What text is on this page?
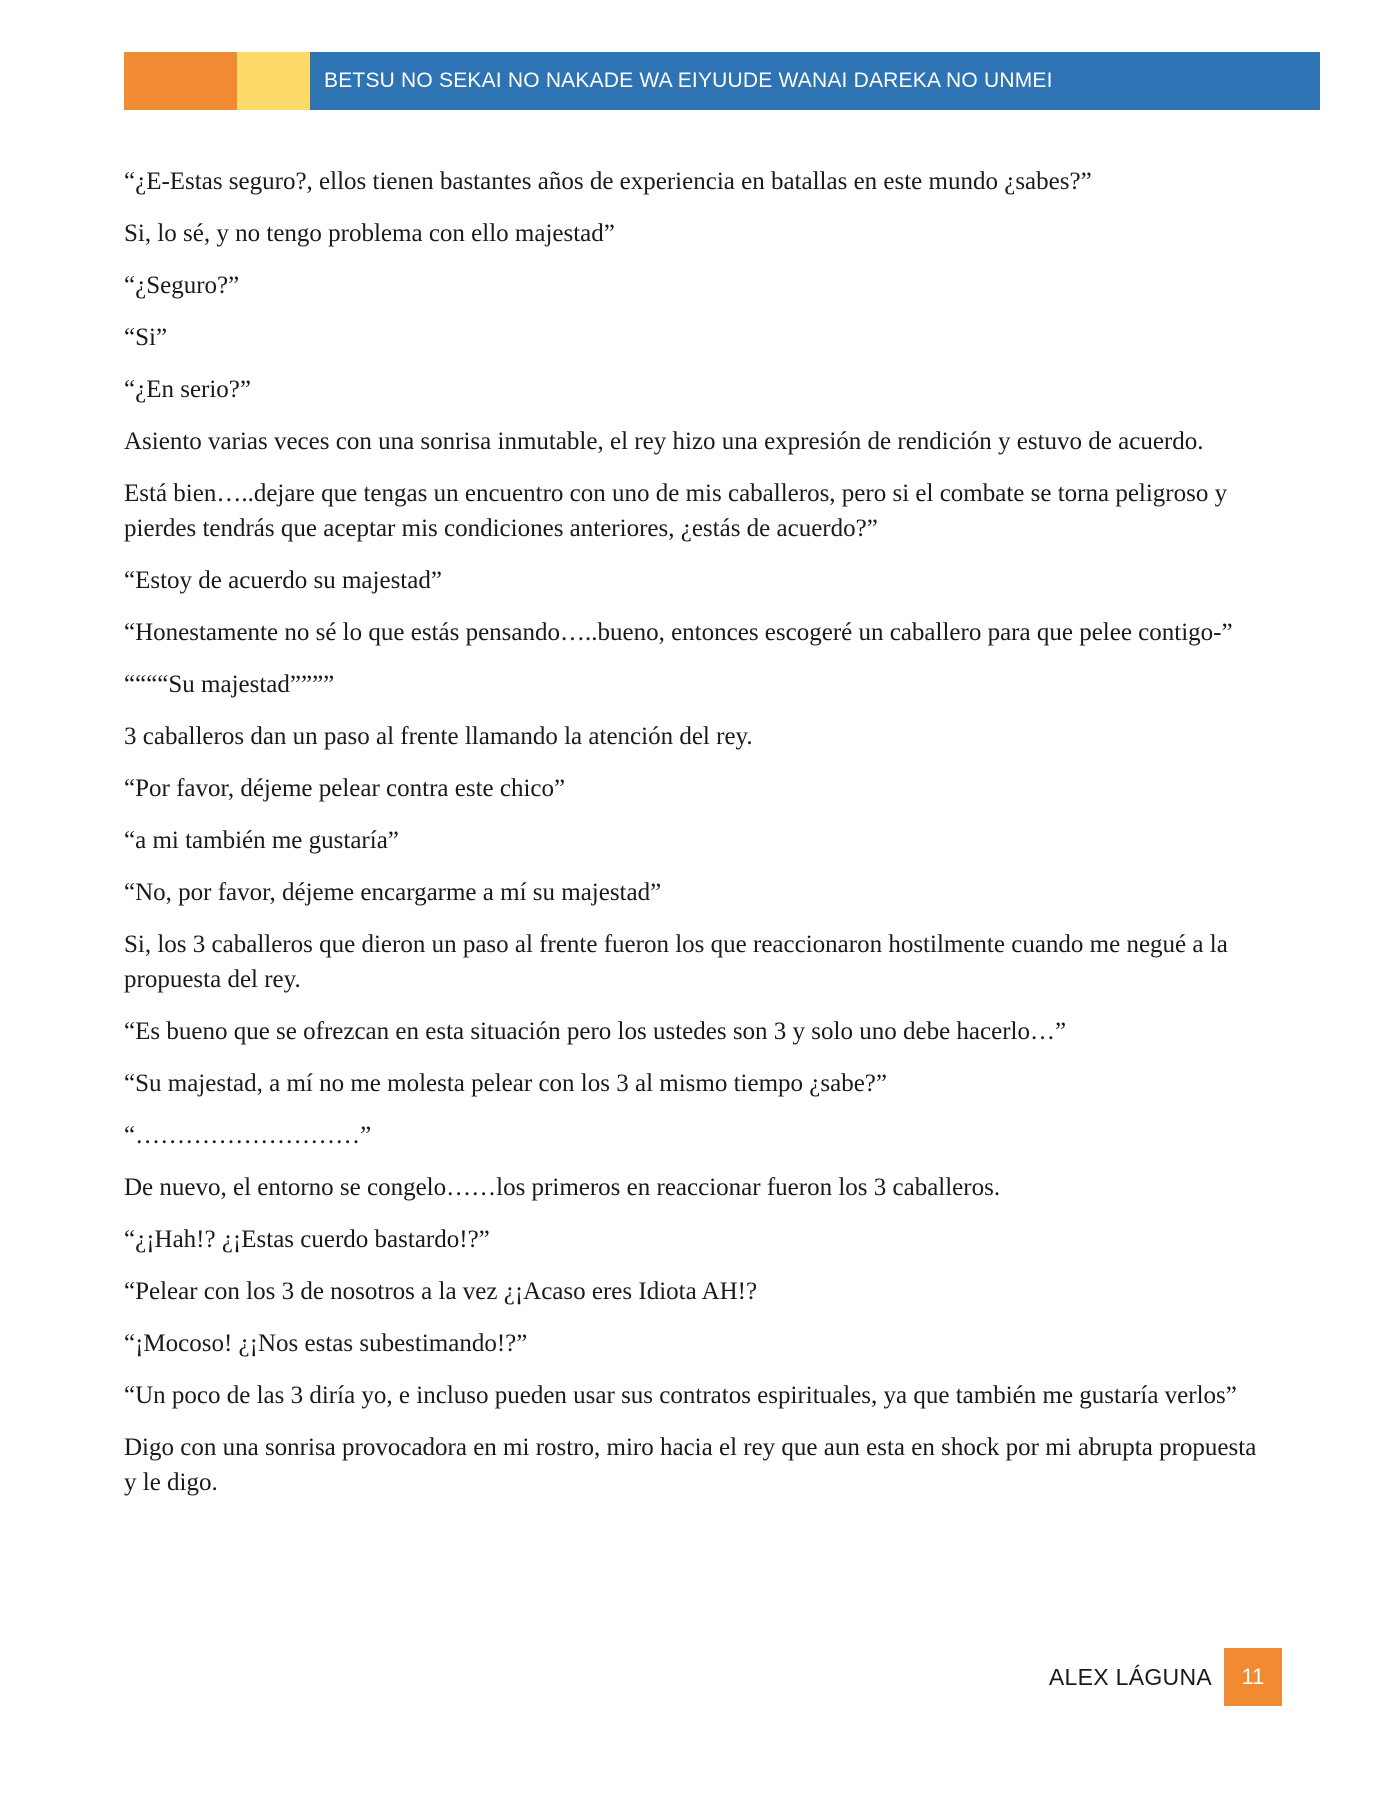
BETSU NO SEKAI NO NAKADE WA EIYUUDE WANAI DAREKA NO UNMEI

“¿E-Estas seguro?, ellos tienen bastantes años de experiencia en batallas en este mundo ¿sabes?”

Si, lo sé, y no tengo problema con ello majestad”

“¿Seguro?”

“Si”

“¿En serio?”

Asiento varias veces con una sonrisa inmutable, el rey hizo una expresión de rendición y estuvo de acuerdo.

Está bien…..dejare que tengas un encuentro con uno de mis caballeros, pero si el combate se torna peligroso y pierdes tendrás que aceptar mis condiciones anteriores, ¿estás de acuerdo?”

“Estoy de acuerdo su majestad”

“Honestamente no sé lo que estás pensando…..bueno, entonces escogeré un caballero para que pelee contigo-”

““““Su majestad””””

3 caballeros dan un paso al frente llamando la atención del rey.

“Por favor, déjeme pelear contra este chico”

“a mi también me gustaría”

“No, por favor, déjeme encargarme a mí su majestad”

Si, los 3 caballeros que dieron un paso al frente fueron los que reaccionaron hostilmente cuando me negué a la propuesta del rey.

“Es bueno que se ofrezcan en esta situación pero los ustedes son 3 y solo uno debe hacerlo…”

“Su majestad, a mí no me molesta pelear con los 3 al mismo tiempo ¿sabe?”

“………………………”

De nuevo, el entorno se congelo……los primeros en reaccionar fueron los 3 caballeros.

“¿¡Hah!? ¿¡Estas cuerdo bastardo!?”

“Pelear con los 3 de nosotros a la vez ¿¡Acaso eres Idiota AH!?

“¡Mocoso! ¿¡Nos estas subestimando!?”

“Un poco de las 3 diría yo, e incluso pueden usar sus contratos espirituales, ya que también me gustaría verlos”

Digo con una sonrisa provocadora en mi rostro, miro hacia el rey que aun esta en shock por mi abrupta propuesta y le digo.

ALEX LÁGUNA	11
